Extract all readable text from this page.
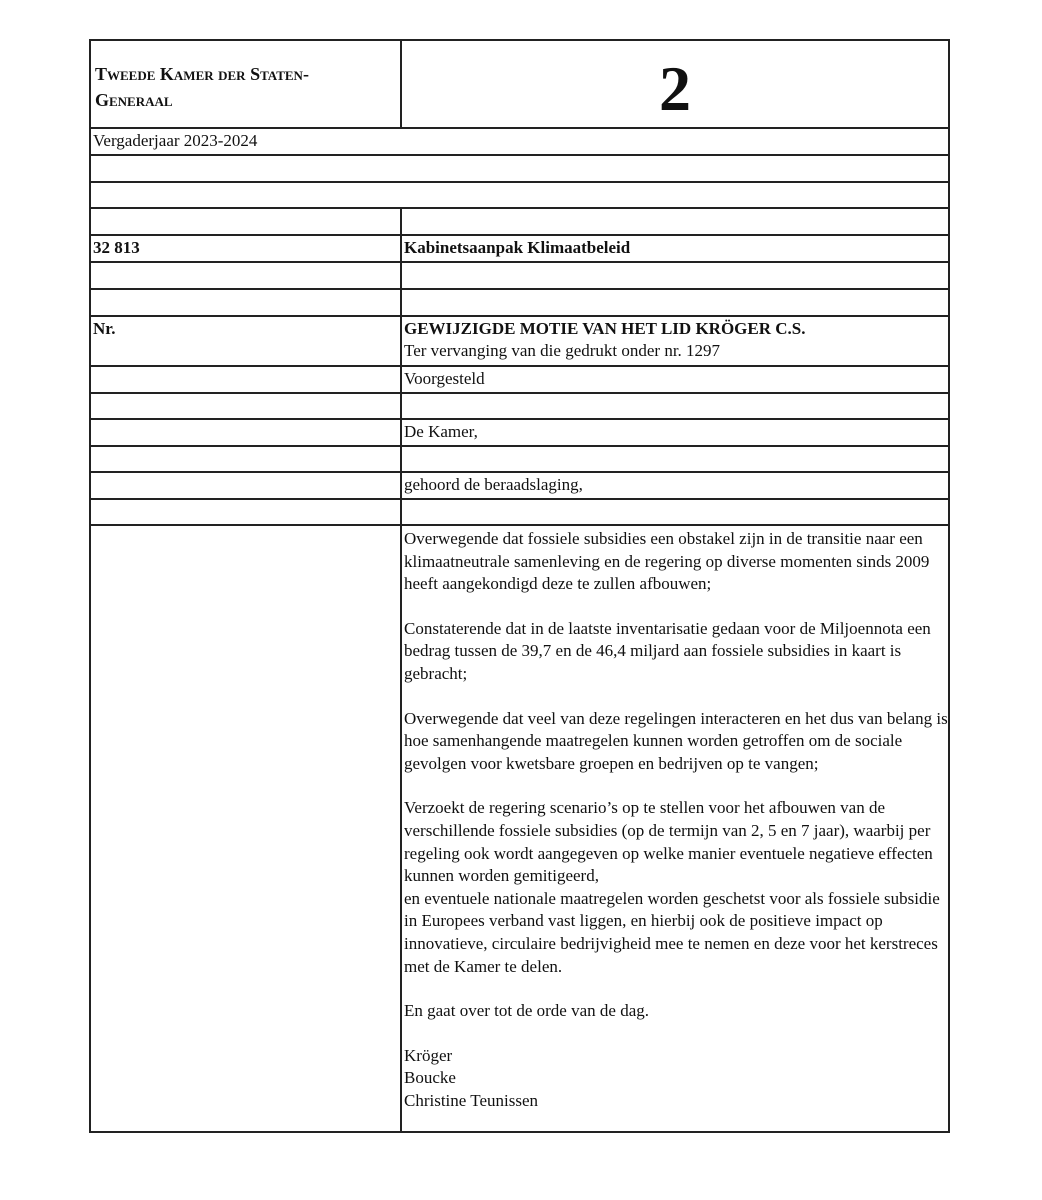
Tweede Kamer der Staten-
Generaal	2
Vergaderjaar 2023-2024
32 813	Kabinetsaanpak Klimaatbeleid
Nr.	GEWIJZIGDE MOTIE VAN HET LID KRÖGER C.S.
Ter vervanging van die gedrukt onder nr. 1297
Voorgesteld
De Kamer,
gehoord de beraadslaging,

Overwegende dat fossiele subsidies een obstakel zijn in de transitie naar een klimaatneutrale samenleving en de regering op diverse momenten sinds 2009 heeft aangekondigd deze te zullen afbouwen;

Constaterende dat in de laatste inventarisatie gedaan voor de Miljoennota een bedrag tussen de 39,7 en de 46,4 miljard aan fossiele subsidies in kaart is gebracht;

Overwegende dat veel van deze regelingen interacteren en het dus van belang is hoe samenhangende maatregelen kunnen worden getroffen om de sociale gevolgen voor kwetsbare groepen en bedrijven op te vangen;

Verzoekt de regering scenario’s op te stellen voor het afbouwen van de verschillende fossiele subsidies (op de termijn van 2, 5 en 7 jaar), waarbij per regeling ook wordt aangegeven op welke manier eventuele negatieve effecten kunnen worden gemitigeerd,

en eventuele nationale maatregelen worden geschetst voor als fossiele subsidie in Europees verband vast liggen, en hierbij ook de positieve impact op innovatieve, circulaire bedrijvigheid mee te nemen en deze voor het kerstreces met de Kamer te delen.

En gaat over tot de orde van de dag.

Kröger
Boucke
Christine Teunissen
